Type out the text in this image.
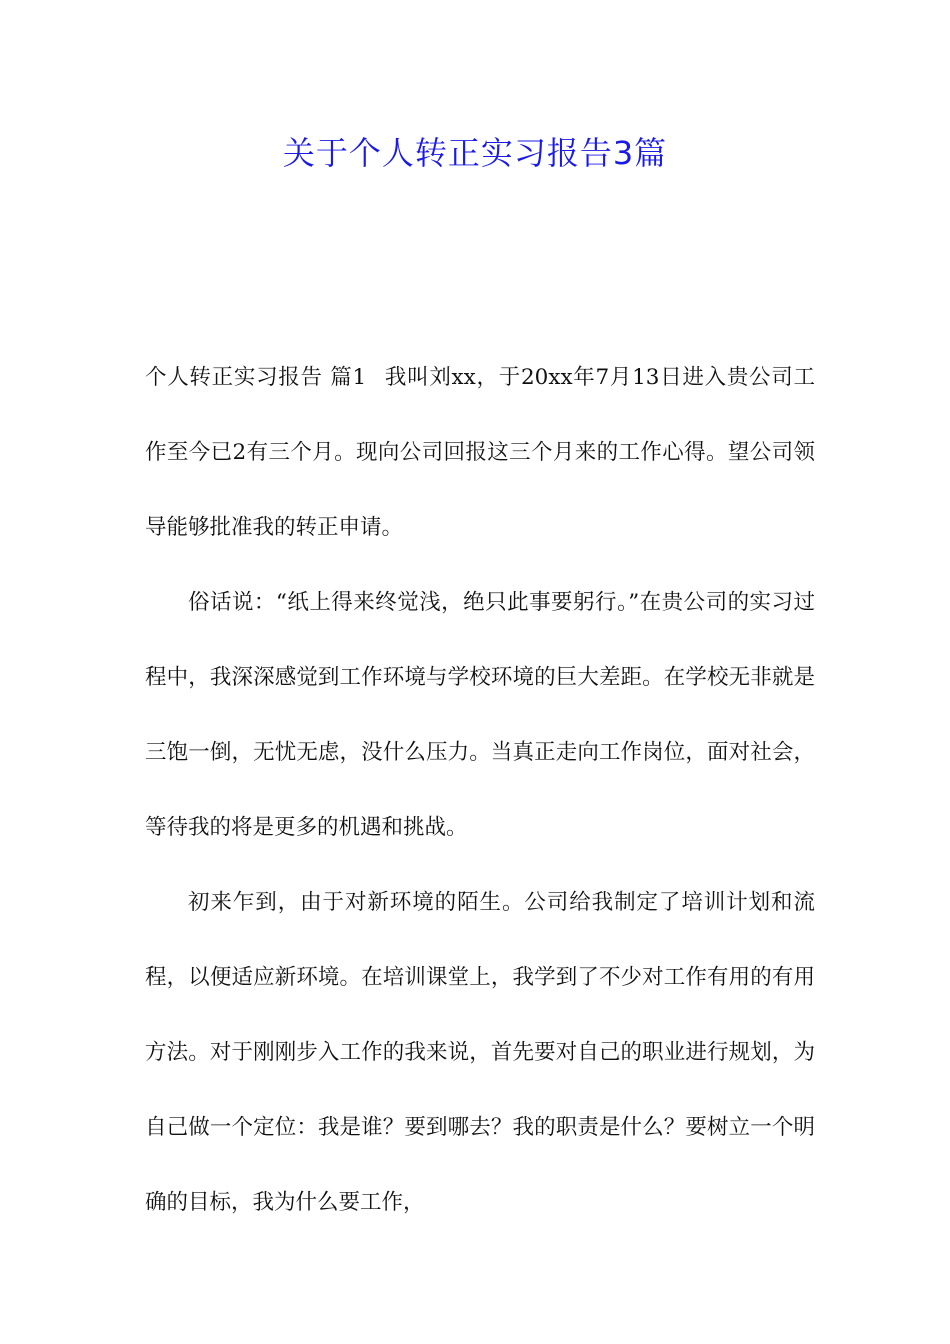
关于个人转正实习报告3篇

个人转正实习报告 篇1 我叫刘xx，于20xx年7月13日进入贵公司工作至今已2有三个月。现向公司回报这三个月来的工作心得。望公司领导能够批准我的转正申请。

俗话说：“纸上得来终觉浅，绝只此事要躬行。”在贵公司的实习过程中，我深深感觉到工作环境与学校环境的巨大差距。在学校无非就是三饱一倒，无忧无虑，没什么压力。当真正走向工作岗位，面对社会，等待我的将是更多的机遇和挑战。

初来乍到，由于对新环境的陌生。公司给我制定了培训计划和流程，以便适应新环境。在培训课堂上，我学到了不少对工作有用的有用方法。对于刚刚步入工作的我来说，首先要对自己的职业进行规划，为自己做一个定位：我是谁？要到哪去？我的职责是什么？要树立一个明确的目标，我为什么要工作，
